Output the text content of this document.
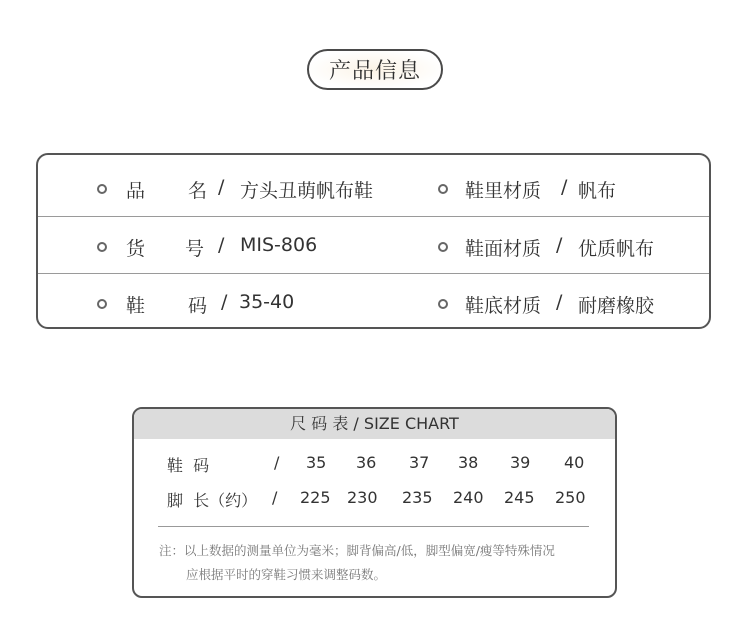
产品信息
品 名 / 方头丑萌帆布鞋	鞋里材质 / 帆布
货 号 / MIS-806	鞋面材质 / 优质帆布
鞋 码 / 35-40	鞋底材质 / 耐磨橡胶
尺 码 表 / SIZE CHART
鞋  码	/ 35 36 37 38 39 40
脚  长（约） / 225 230 235 240 245 250
注：以上数据的测量单位为毫米；脚背偏高/低，脚型偏宽/瘦等特殊情况
应根据平时的穿鞋习惯来调整码数。
